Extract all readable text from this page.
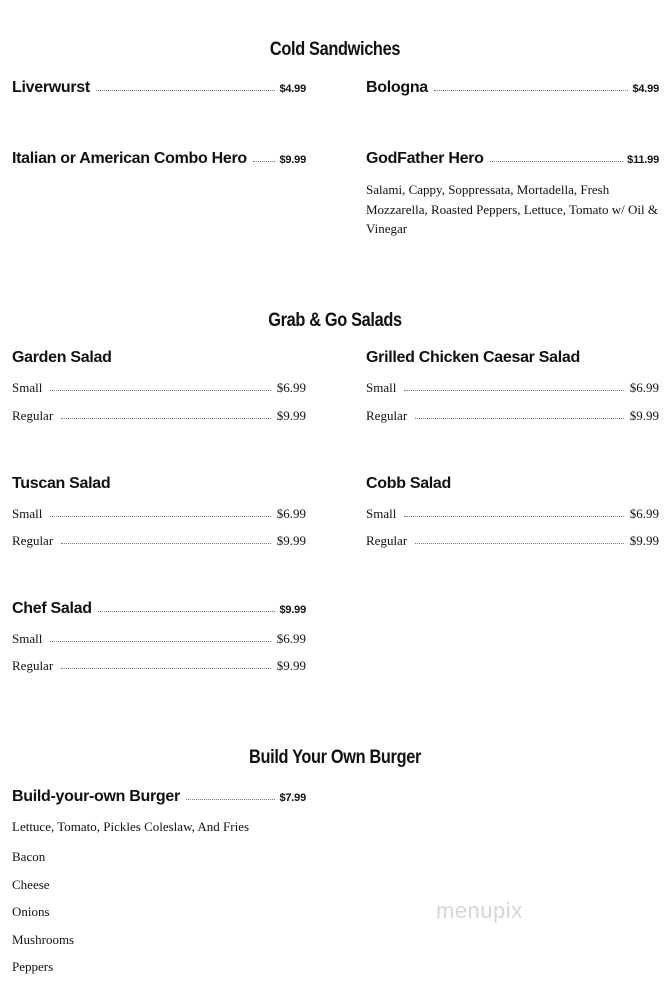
Cold Sandwiches
Liverwurst	$4.99	Bologna	$4.99
Italian or American Combo Hero	$9.99	GodFather Hero	$11.99
Salami, Cappy, Soppressata, Mortadella, Fresh Mozzarella, Roasted Peppers, Lettuce, Tomato w/ Oil & Vinegar
Grab & Go Salads
Garden Salad
Small	$6.99
Regular	$9.99
Grilled Chicken Caesar Salad
Small	$6.99
Regular	$9.99
Tuscan Salad
Small	$6.99
Regular	$9.99
Cobb Salad
Small	$6.99
Regular	$9.99
Chef Salad	$9.99
Small	$6.99
Regular	$9.99
Build Your Own Burger
Build-your-own Burger	$7.99
Lettuce, Tomato, Pickles Coleslaw, And Fries
Bacon
Cheese
Onions
Mushrooms
Peppers
menupix
